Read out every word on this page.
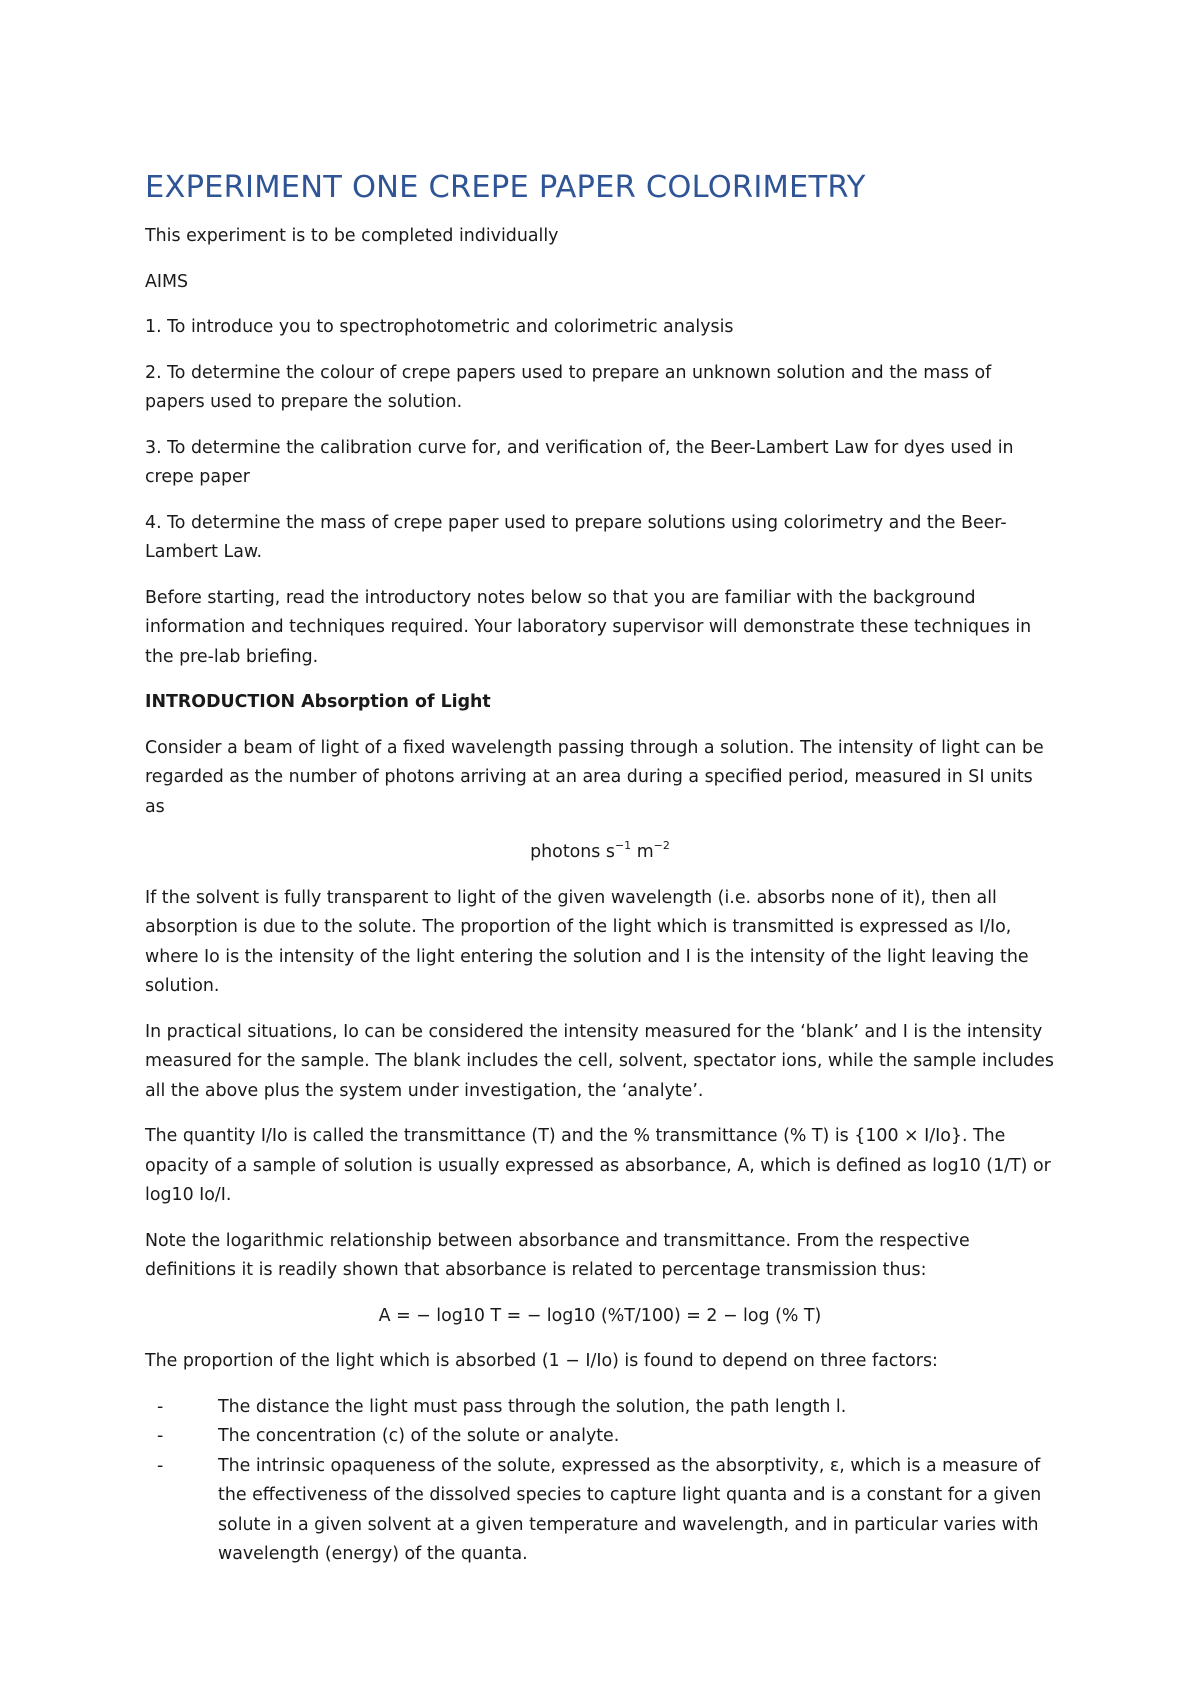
EXPERIMENT ONE CREPE PAPER COLORIMETRY

This experiment is to be completed individually

AIMS

1. To introduce you to spectrophotometric and colorimetric analysis

2. To determine the colour of crepe papers used to prepare an unknown solution and the mass of papers used to prepare the solution.

3. To determine the calibration curve for, and verification of, the Beer-Lambert Law for dyes used in crepe paper

4. To determine the mass of crepe paper used to prepare solutions using colorimetry and the Beer-Lambert Law.

Before starting, read the introductory notes below so that you are familiar with the background information and techniques required. Your laboratory supervisor will demonstrate these techniques in the pre-lab briefing.

INTRODUCTION Absorption of Light

Consider a beam of light of a fixed wavelength passing through a solution. The intensity of light can be regarded as the number of photons arriving at an area during a specified period, measured in SI units as

photons $s^{-1}$ $m^{-2}$

If the solvent is fully transparent to light of the given wavelength (i.e. absorbs none of it), then all absorption is due to the solute. The proportion of the light which is transmitted is expressed as I/Io, where Io is the intensity of the light entering the solution and I is the intensity of the light leaving the solution.

In practical situations, Io can be considered the intensity measured for the ‘blank’ and I is the intensity measured for the sample. The blank includes the cell, solvent, spectator ions, while the sample includes all the above plus the system under investigation, the ‘analyte’.

The quantity I/Io is called the transmittance (T) and the % transmittance (% T) is {100 × I/Io}. The opacity of a sample of solution is usually expressed as absorbance, A, which is defined as log10 (1/T) or log10 Io/I.

Note the logarithmic relationship between absorbance and transmittance. From the respective definitions it is readily shown that absorbance is related to percentage transmission thus:

A = − log10 T = − log10 (%T/100) = 2 − log (% T)

The proportion of the light which is absorbed (1 − I/Io) is found to depend on three factors:

-	The distance the light must pass through the solution, the path length l.
-	The concentration (c) of the solute or analyte.
-	The intrinsic opaqueness of the solute, expressed as the absorptivity, ε, which is a measure of the effectiveness of the dissolved species to capture light quanta and is a constant for a given solute in a given solvent at a given temperature and wavelength, and in particular varies with wavelength (energy) of the quanta.
